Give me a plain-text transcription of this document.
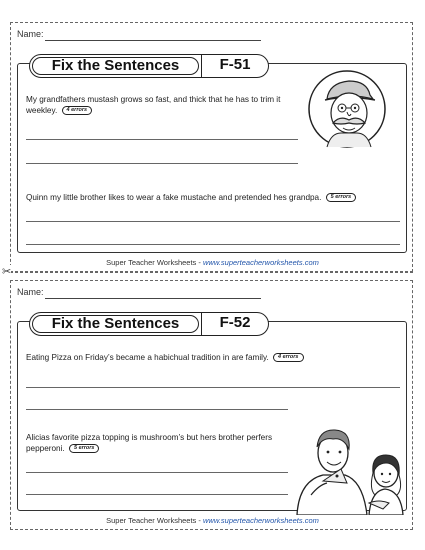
Name:
My grandfathers mustash grows so fast, and thick that he has to trim it weekley. 4 errors
Quinn my little brother likes to wear a fake mustache and pretended hes grandpa. 5 errors
Fix the Sentences	F-51
Super Teacher Worksheets - www.superteacherworksheets.com
✂
Name:
Eating Pizza on Friday’s became a habichual tradition in are family. 4 errors
Alicias favorite pizza topping is mushroom’s but hers brother perfers pepperoni. 5 errors
Fix the Sentences	F-52
Super Teacher Worksheets - www.superteacherworksheets.com
